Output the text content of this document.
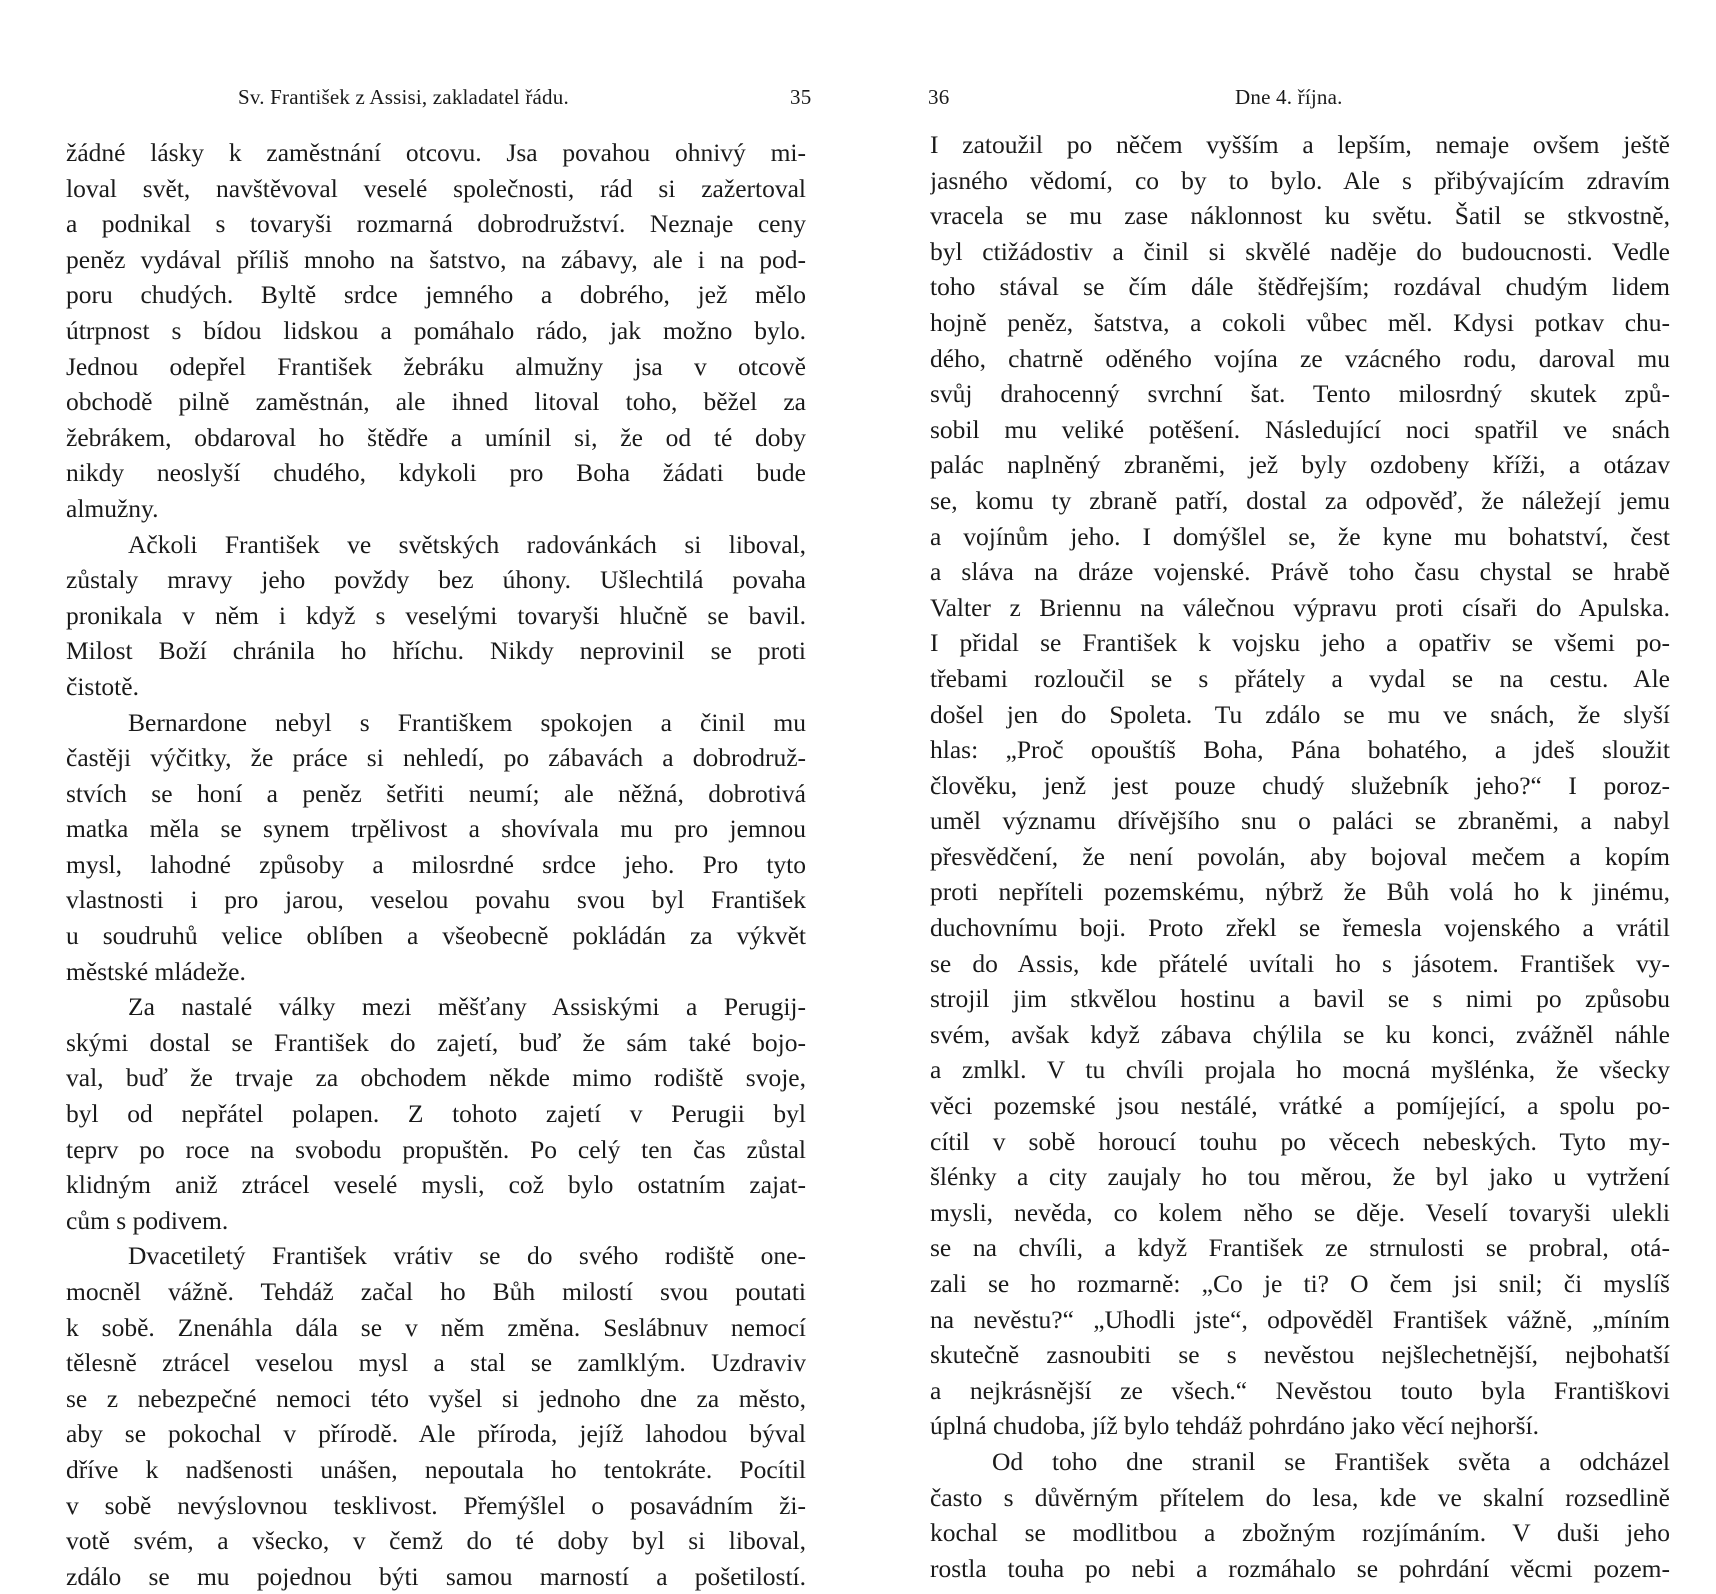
Sv. František z Assisi, zakladatel řádu.	35
žádné lásky k zaměstnání otcovu. Jsa povahou ohnivý mi-
loval svět, navštěvoval veselé společnosti, rád si zažertoval
a podnikal s tovaryši rozmarná dobrodružství. Neznaje ceny
peněz vydával příliš mnoho na šatstvo, na zábavy, ale i na pod-
poru chudých. Byltě srdce jemného a dobrého, jež mělo
útrpnost s bídou lidskou a pomáhalo rádo, jak možno bylo.
Jednou odepřel František žebráku almužny jsa v otcově
obchodě pilně zaměstnán, ale ihned litoval toho, běžel za
žebrákem, obdaroval ho štědře a umínil si, že od té doby
nikdy neoslyší chudého, kdykoli pro Boha žádati bude
almužny.
Ačkoli František ve světských radovánkách si liboval,
zůstaly mravy jeho povždy bez úhony. Ušlechtilá povaha
pronikala v něm i když s veselými tovaryši hlučně se bavil.
Milost Boží chránila ho hříchu. Nikdy neprovinil se proti
čistotě.
Bernardone nebyl s Františkem spokojen a činil mu
častěji výčitky, že práce si nehledí, po zábavách a dobrodruž-
stvích se honí a peněz šetřiti neumí; ale něžná, dobrotivá
matka měla se synem trpělivost a shovívala mu pro jemnou
mysl, lahodné způsoby a milosrdné srdce jeho. Pro tyto
vlastnosti i pro jarou, veselou povahu svou byl František
u soudruhů velice oblíben a všeobecně pokládán za výkvět
městské mládeže.
Za nastalé války mezi měšťany Assiskými a Perugij-
skými dostal se František do zajetí, buď že sám také bojo-
val, buď že trvaje za obchodem někde mimo rodiště svoje,
byl od nepřátel polapen. Z tohoto zajetí v Perugii byl
teprv po roce na svobodu propuštěn. Po celý ten čas zůstal
klidným aniž ztrácel veselé mysli, což bylo ostatním zajat-
cům s podivem.
Dvacetiletý František vrátiv se do svého rodiště one-
mocněl vážně. Tehdáž začal ho Bůh milostí svou poutati
k sobě. Znenáhla dála se v něm změna. Seslábnuv nemocí
tělesně ztrácel veselou mysl a stal se zamlklým. Uzdraviv
se z nebezpečné nemoci této vyšel si jednoho dne za město,
aby se pokochal v přírodě. Ale příroda, jejíž lahodou býval
dříve k nadšenosti unášen, nepoutala ho tentokráte. Pocítil
v sobě nevýslovnou tesklivost. Přemýšlel o posavádním ži-
votě svém, a všecko, v čemž do té doby byl si liboval,
zdálo se mu pojednou býti samou marností a pošetilostí.
36	Dne 4. října.
I zatoužil po něčem vyšším a lepším, nemaje ovšem ještě
jasného vědomí, co by to bylo. Ale s přibývajícím zdravím
vracela se mu zase náklonnost ku světu. Šatil se stkvostně,
byl ctižádostiv a činil si skvělé naděje do budoucnosti. Vedle
toho stával se čím dále štědřejším; rozdával chudým lidem
hojně peněz, šatstva, a cokoli vůbec měl. Kdysi potkav chu-
dého, chatrně oděného vojína ze vzácného rodu, daroval mu
svůj drahocenný svrchní šat. Tento milosrdný skutek způ-
sobil mu veliké potěšení. Následující noci spatřil ve snách
palác naplněný zbraněmi, jež byly ozdobeny kříži, a otázav
se, komu ty zbraně patří, dostal za odpověď, že náležejí jemu
a vojínům jeho. I domýšlel se, že kyne mu bohatství, čest
a sláva na dráze vojenské. Právě toho času chystal se hrabě
Valter z Briennu na válečnou výpravu proti císaři do Apulska.
I přidal se František k vojsku jeho a opatřiv se všemi po-
třebami rozloučil se s přátely a vydal se na cestu. Ale
došel jen do Spoleta. Tu zdálo se mu ve snách, že slyší
hlas: „Proč opouštíš Boha, Pána bohatého, a jdeš sloužit
člověku, jenž jest pouze chudý služebník jeho?“ I poroz-
uměl významu dřívějšího snu o paláci se zbraněmi, a nabyl
přesvědčení, že není povolán, aby bojoval mečem a kopím
proti nepříteli pozemskému, nýbrž že Bůh volá ho k jinému,
duchovnímu boji. Proto zřekl se řemesla vojenského a vrátil
se do Assis, kde přátelé uvítali ho s jásotem. František vy-
strojil jim stkvělou hostinu a bavil se s nimi po způsobu
svém, avšak když zábava chýlila se ku konci, zvážněl náhle
a zmlkl. V tu chvíli projala ho mocná myšlénka, že všecky
věci pozemské jsou nestálé, vrátké a pomíjející, a spolu po-
cítil v sobě horoucí touhu po věcech nebeských. Tyto my-
šlénky a city zaujaly ho tou měrou, že byl jako u vytržení
mysli, nevěda, co kolem něho se děje. Veselí tovaryši ulekli
se na chvíli, a když František ze strnulosti se probral, otá-
zali se ho rozmarně: „Co je ti? O čem jsi snil; či myslíš
na nevěstu?“ „Uhodli jste“, odpověděl František vážně, „míním
skutečně zasnoubiti se s nevěstou nejšlechetnější, nejbohatší
a nejkrásnější ze všech.“ Nevěstou touto byla Františkovi
úplná chudoba, jíž bylo tehdáž pohrdáno jako věcí nejhorší.
Od toho dne stranil se František světa a odcházel
často s důvěrným přítelem do lesa, kde ve skalní rozsedlině
kochal se modlitbou a zbožným rozjímáním. V duši jeho
rostla touha po nebi a rozmáhalo se pohrdání věcmi pozem-
